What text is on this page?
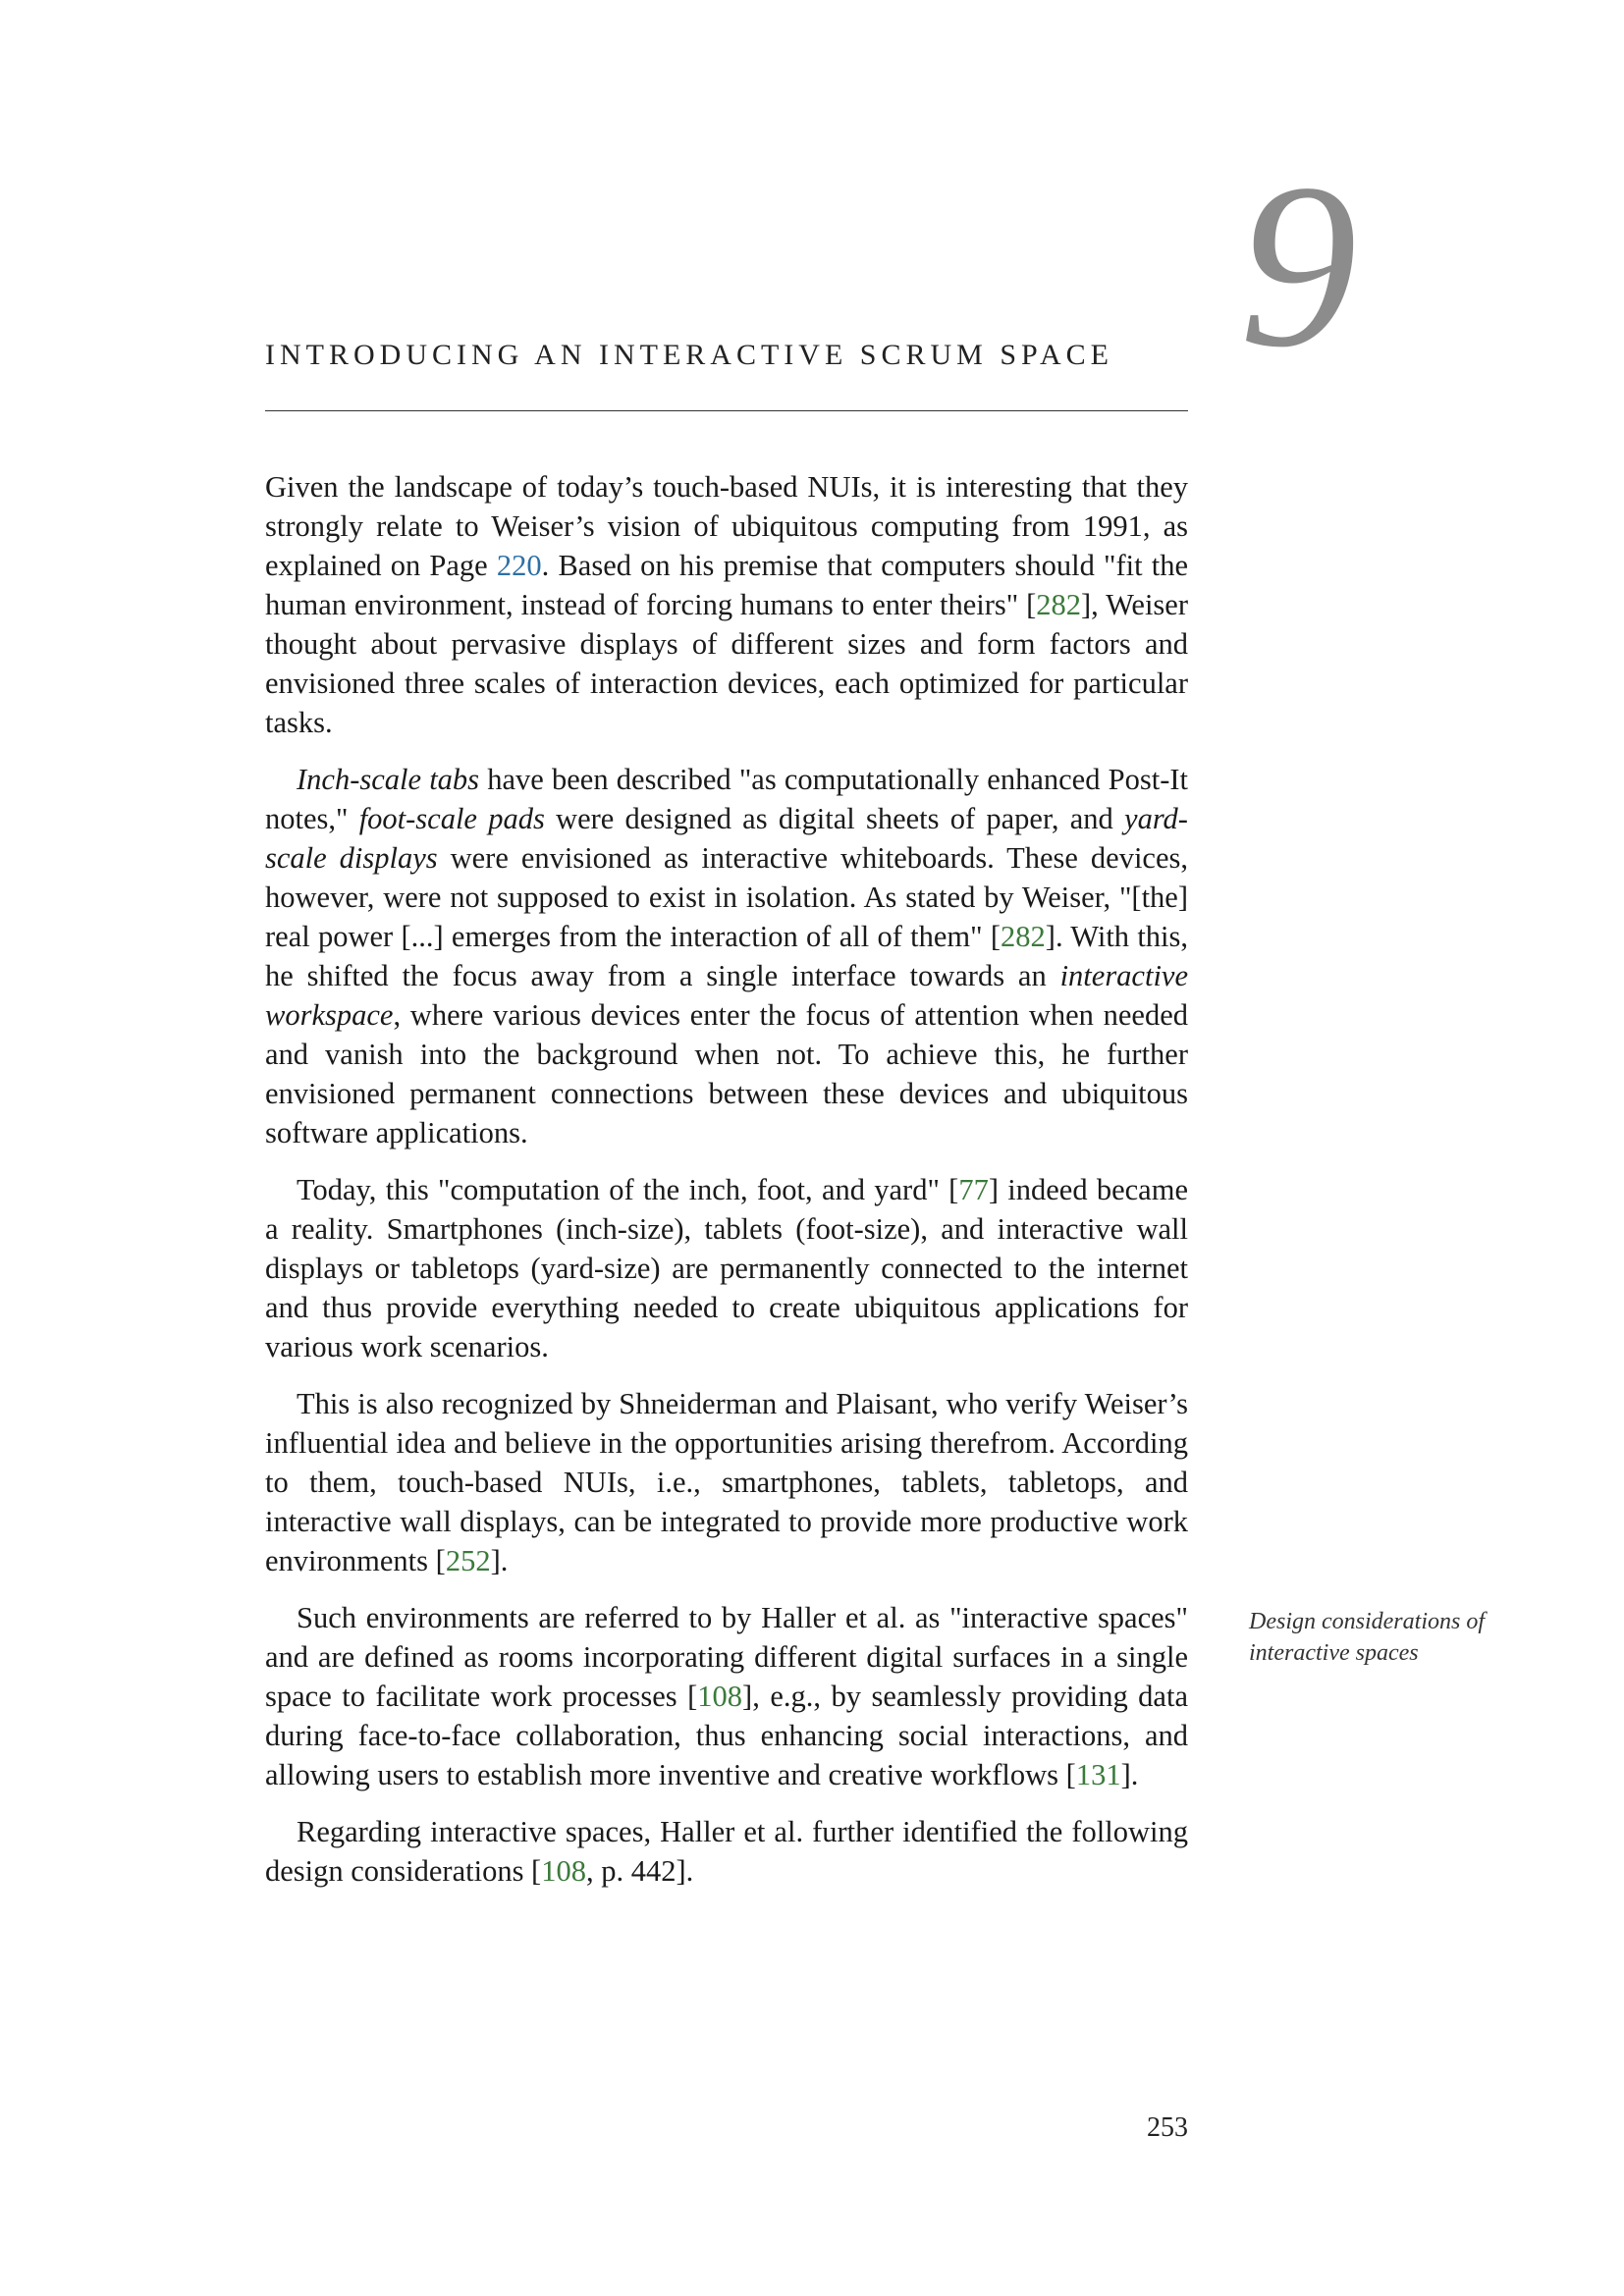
9
INTRODUCING AN INTERACTIVE SCRUM SPACE

Given the landscape of today’s touch-based NUIs, it is interesting that they strongly relate to Weiser’s vision of ubiquitous computing from 1991, as explained on Page 220. Based on his premise that computers should "fit the human environment, instead of forcing humans to enter theirs" [282], Weiser thought about pervasive displays of different sizes and form factors and envisioned three scales of interaction devices, each optimized for particular tasks.

Inch-scale tabs have been described "as computationally enhanced Post-It notes," foot-scale pads were designed as digital sheets of paper, and yard-scale displays were envisioned as interactive whiteboards. These devices, however, were not supposed to exist in isolation. As stated by Weiser, "[the] real power [...] emerges from the interaction of all of them" [282]. With this, he shifted the focus away from a single interface towards an interactive workspace, where various devices enter the focus of attention when needed and vanish into the background when not. To achieve this, he further envisioned permanent connections between these devices and ubiquitous software applications.

Today, this "computation of the inch, foot, and yard" [77] indeed became a reality. Smartphones (inch-size), tablets (foot-size), and interactive wall displays or tabletops (yard-size) are permanently connected to the internet and thus provide everything needed to create ubiquitous applications for various work scenarios.

This is also recognized by Shneiderman and Plaisant, who verify Weiser’s influential idea and believe in the opportunities arising therefrom. According to them, touch-based NUIs, i.e., smartphones, tablets, tabletops, and interactive wall displays, can be integrated to provide more productive work environments [252].

Such environments are referred to by Haller et al. as "interactive spaces" and are defined as rooms incorporating different digital surfaces in a single space to facilitate work processes [108], e.g., by seamlessly providing data during face-to-face collaboration, thus enhancing social interactions, and allowing users to establish more inventive and creative workflows [131].

Regarding interactive spaces, Haller et al. further identified the following design considerations [108, p. 442].

Design considerations of interactive spaces
253
